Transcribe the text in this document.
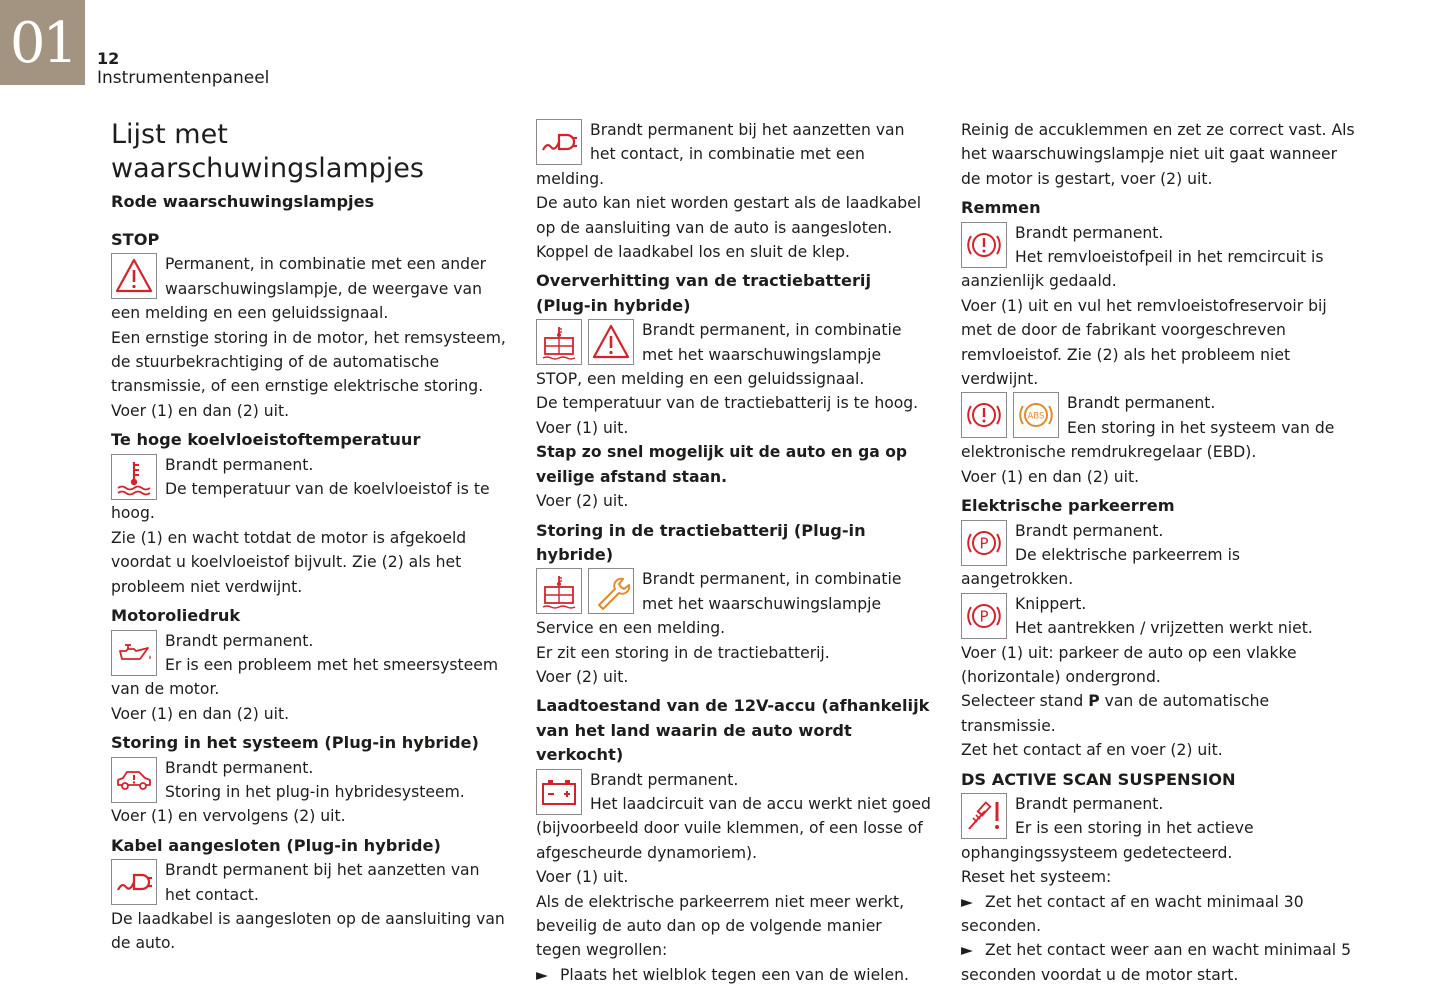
01	12
Instrumentenpaneel
Lijst met waarschuwingslampjes
Rode waarschuwingslampjes
STOP

Permanent, in combinatie met een ander waarschuwingslampje, de weergave van een melding en een geluidssignaal.

Een ernstige storing in de motor, het remsysteem, de stuurbekrachtiging of de automatische transmissie, of een ernstige elektrische storing.

Voer (1) en dan (2) uit.

Te hoge koelvloeistoftemperatuur

Brandt permanent.

De temperatuur van de koelvloeistof is te hoog.

Zie (1) en wacht totdat de motor is afgekoeld voordat u koelvloeistof bijvult. Zie (2) als het probleem niet verdwijnt.

Motoroliedruk

Brandt permanent.

Er is een probleem met het smeersysteem van de motor.

Voer (1) en dan (2) uit.

Storing in het systeem (Plug-in hybride)

Brandt permanent.

Storing in het plug-in hybridesysteem.

Voer (1) en vervolgens (2) uit.

Kabel aangesloten (Plug-in hybride)

Brandt permanent bij het aanzetten van het contact.

De laadkabel is aangesloten op de aansluiting van de auto.

Brandt permanent bij het aanzetten van het contact, in combinatie met een melding.

De auto kan niet worden gestart als de laadkabel op de aansluiting van de auto is aangesloten.

Koppel de laadkabel los en sluit de klep.

Oververhitting van de tractiebatterij (Plug-in hybride)

Brandt permanent, in combinatie met het waarschuwingslampje STOP, een melding en een geluidssignaal.

De temperatuur van de tractiebatterij is te hoog.

Voer (1) uit.

Stap zo snel mogelijk uit de auto en ga op veilige afstand staan.

Voer (2) uit.

Storing in de tractiebatterij (Plug-in hybride)

Brandt permanent, in combinatie met het waarschuwingslampje Service en een melding.

Er zit een storing in de tractiebatterij.

Voer (2) uit.

Laadtoestand van de 12V-accu (afhankelijk van het land waarin de auto wordt verkocht)

Brandt permanent.

Het laadcircuit van de accu werkt niet goed (bijvoorbeeld door vuile klemmen, of een losse of afgescheurde dynamoriem).

Voer (1) uit.

Als de elektrische parkeerrem niet meer werkt, beveilig de auto dan op de volgende manier tegen wegrollen:

► Plaats het wielblok tegen een van de wielen.

Reinig de accuklemmen en zet ze correct vast. Als het waarschuwingslampje niet uit gaat wanneer de motor is gestart, voer (2) uit.

Remmen

Brandt permanent.

Het remvloeistofpeil in het remcircuit is aanzienlijk gedaald.

Voer (1) uit en vul het remvloeistofreservoir bij met de door de fabrikant voorgeschreven remvloeistof. Zie (2) als het probleem niet verdwijnt.

ABS

Brandt permanent.

Een storing in het systeem van de elektronische remdrukregelaar (EBD).

Voer (1) en dan (2) uit.

Elektrische parkeerrem
P

Brandt permanent.

De elektrische parkeerrem is aangetrokken.

P

Knippert.

Het aantrekken / vrijzetten werkt niet.

Voer (1) uit: parkeer de auto op een vlakke (horizontale) ondergrond.

Selecteer stand P van de automatische transmissie.

Zet het contact af en voer (2) uit.

DS ACTIVE SCAN SUSPENSION

Brandt permanent.

Er is een storing in het actieve ophangingssysteem gedetecteerd.

Reset het systeem:

► Zet het contact af en wacht minimaal 30 seconden.

► Zet het contact weer aan en wacht minimaal 5 seconden voordat u de motor start.
